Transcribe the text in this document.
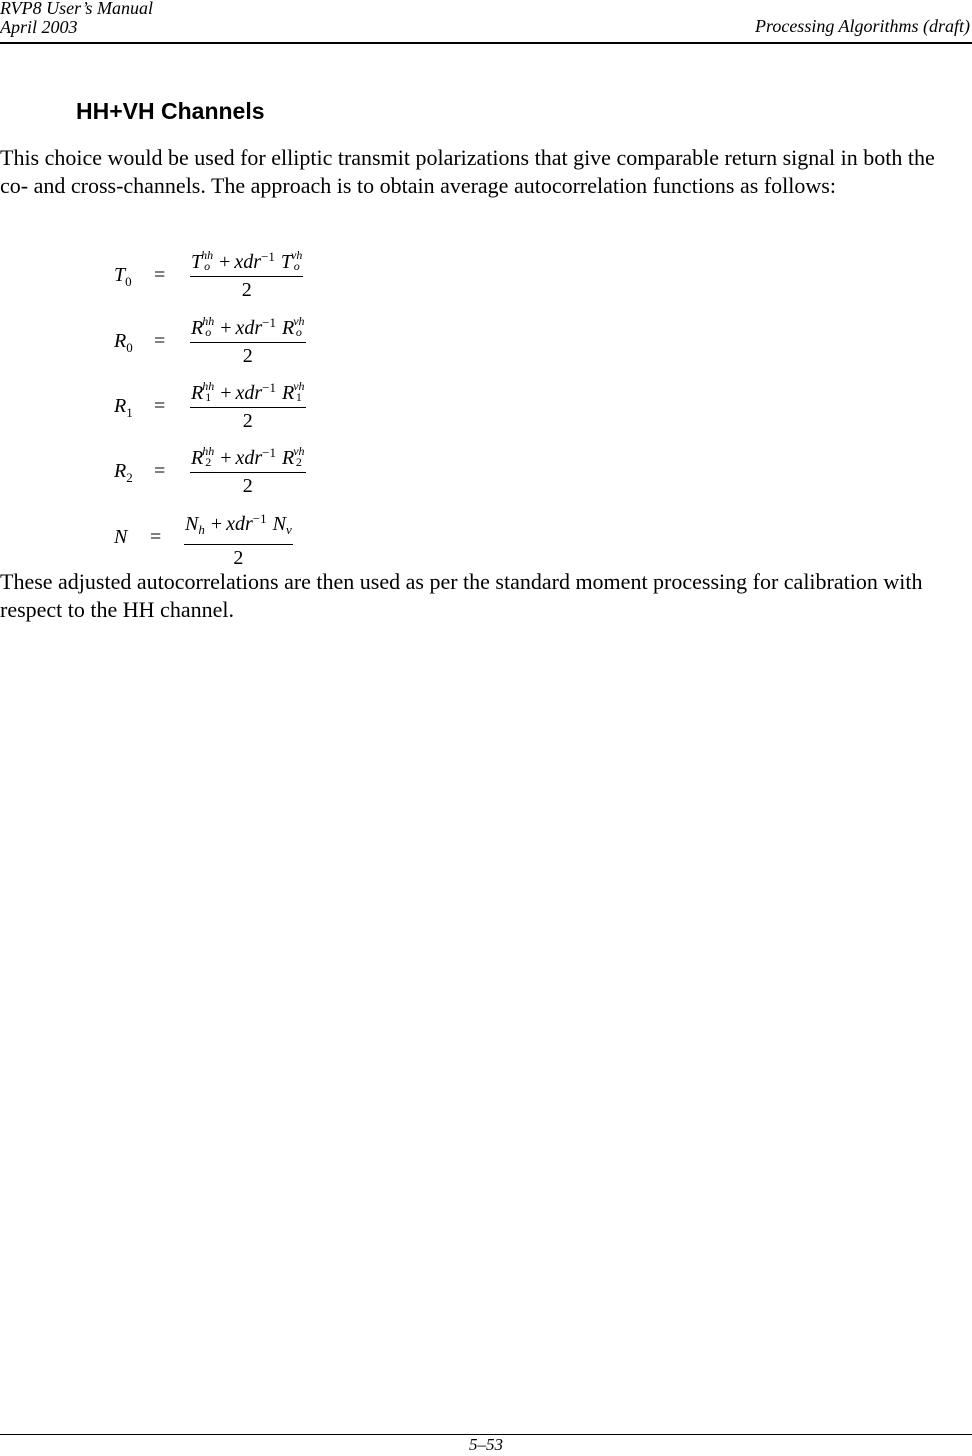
RVP8 User’s Manual
April 2003	Processing Algorithms (draft)
HH+VH Channels

This choice would be used for elliptic transmit polarizations that give comparable return signal in both the co- and cross-channels. The approach is to obtain average autocorrelation functions as follows:

$T_0$ =
T hh
o + xdr$^{-1}$ T vh
o
2
$R_0$ =
R hh
o + xdr$^{-1}$ R vh
o
2
$R_1$ =
R hh
1 + xdr$^{-1}$ R vh
1
2
$R_2$ =
R hh
2 + xdr$^{-1}$ R vh
2
2
N =
$N_h + xdr^{-1}$ $N_v$
2

These adjusted autocorrelations are then used as per the standard moment processing for calibration with respect to the HH channel.

5–53
